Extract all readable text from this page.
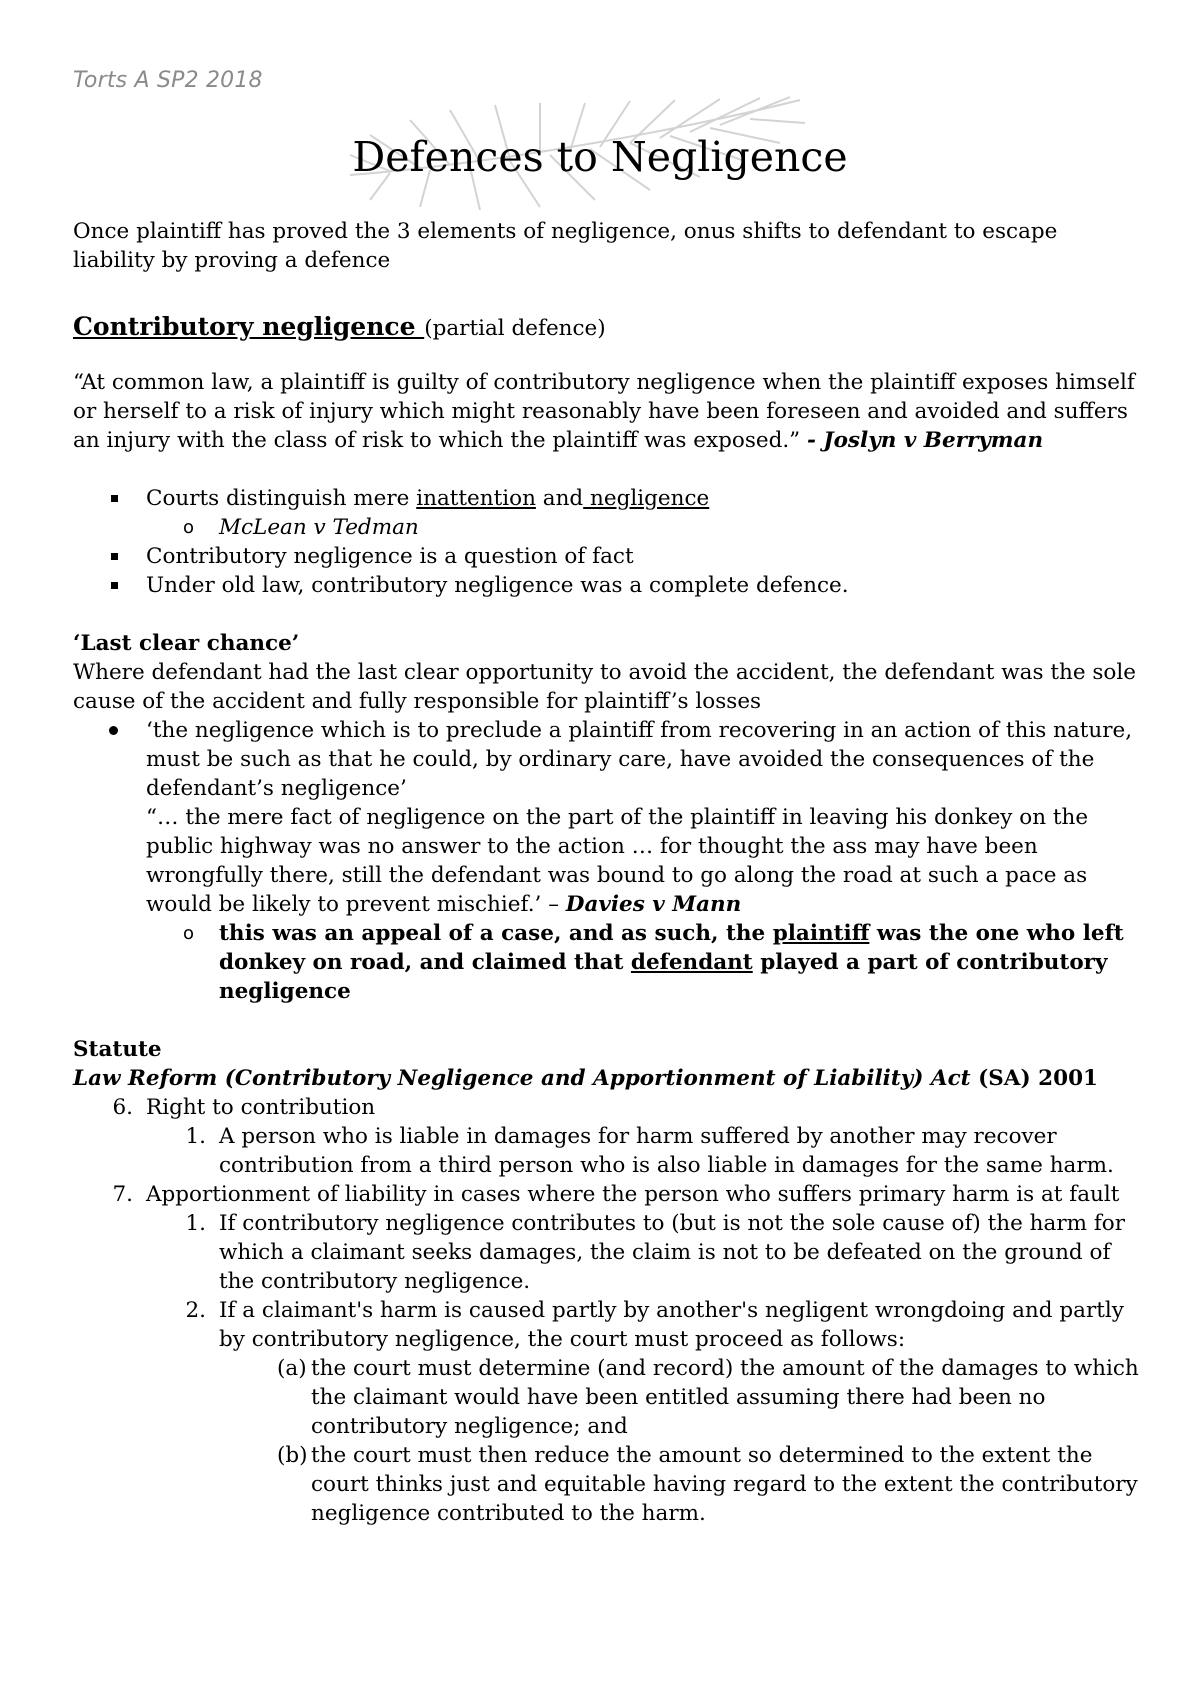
Torts A SP2 2018
Defences to Negligence

Once plaintiff has proved the 3 elements of negligence, onus shifts to defendant to escape liability by proving a defence

Contributory negligence (partial defence)

“At common law, a plaintiff is guilty of contributory negligence when the plaintiff exposes himself or herself to a risk of injury which might reasonably have been foreseen and avoided and suffers an injury with the class of risk to which the plaintiff was exposed.” - Joslyn v Berryman

Courts distinguish mere inattention and negligence
o McLean v Tedman
Contributory negligence is a question of fact
Under old law, contributory negligence was a complete defence.

‘Last clear chance’

Where defendant had the last clear opportunity to avoid the accident, the defendant was the sole cause of the accident and fully responsible for plaintiff’s losses

‘the negligence which is to preclude a plaintiff from recovering in an action of this nature, must be such as that he could, by ordinary care, have avoided the consequences of the defendant’s negligence’
“… the mere fact of negligence on the part of the plaintiff in leaving his donkey on the public highway was no answer to the action … for thought the ass may have been wrongfully there, still the defendant was bound to go along the road at such a pace as would be likely to prevent mischief.’ – Davies v Mann
o this was an appeal of a case, and as such, the plaintiff was the one who left donkey on road, and claimed that defendant played a part of contributory negligence

Statute

Law Reform (Contributory Negligence and Apportionment of Liability) Act (SA) 2001

6. Right to contribution
1. A person who is liable in damages for harm suffered by another may recover contribution from a third person who is also liable in damages for the same harm.
7. Apportionment of liability in cases where the person who suffers primary harm is at fault
1. If contributory negligence contributes to (but is not the sole cause of) the harm for which a claimant seeks damages, the claim is not to be defeated on the ground of the contributory negligence.
2. If a claimant's harm is caused partly by another's negligent wrongdoing and partly by contributory negligence, the court must proceed as follows:
(a) the court must determine (and record) the amount of the damages to which the claimant would have been entitled assuming there had been no contributory negligence; and
(b) the court must then reduce the amount so determined to the extent the court thinks just and equitable having regard to the extent the contributory negligence contributed to the harm.
